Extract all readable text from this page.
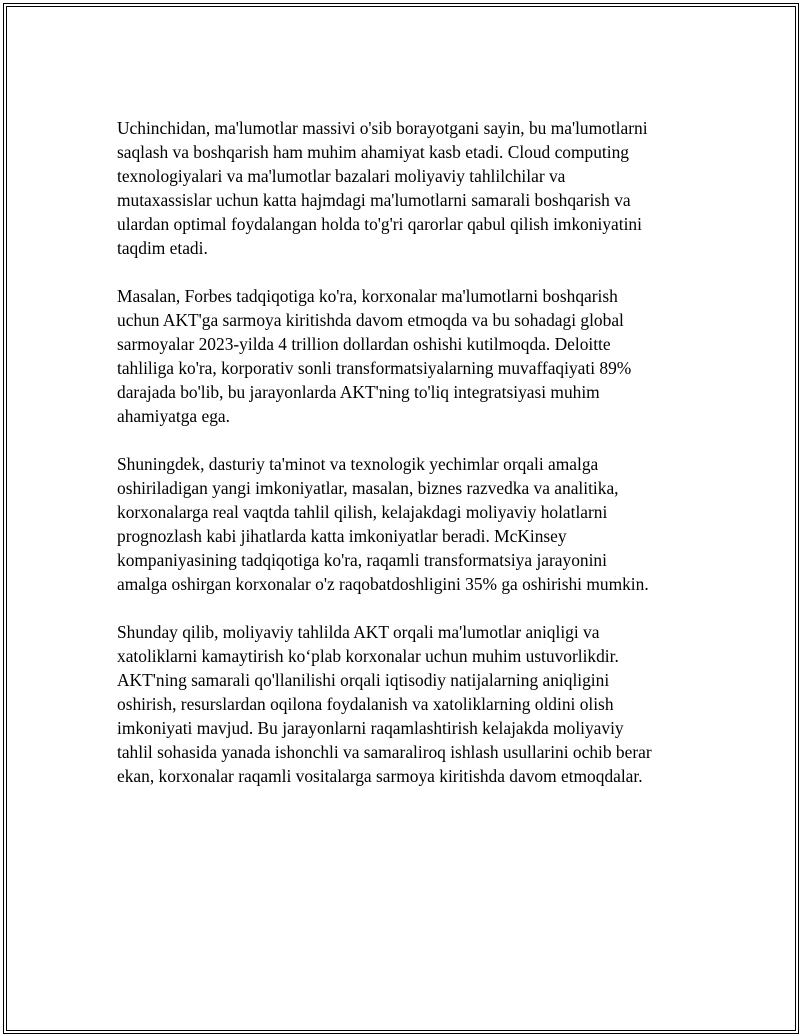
Uchinchidan, ma'lumotlar massivi o'sib borayotgani sayin, bu ma'lumotlarni
saqlash va boshqarish ham muhim ahamiyat kasb etadi. Cloud computing
texnologiyalari va ma'lumotlar bazalari moliyaviy tahlilchilar va
mutaxassislar uchun katta hajmdagi ma'lumotlarni samarali boshqarish va
ulardan optimal foydalangan holda to'g'ri qarorlar qabul qilish imkoniyatini
taqdim etadi.

Masalan, Forbes tadqiqotiga ko'ra, korxonalar ma'lumotlarni boshqarish
uchun AKT'ga sarmoya kiritishda davom etmoqda va bu sohadagi global
sarmoyalar 2023-yilda 4 trillion dollardan oshishi kutilmoqda. Deloitte
tahliliga ko'ra, korporativ sonli transformatsiyalarning muvaffaqiyati 89%
darajada bo'lib, bu jarayonlarda AKT'ning to'liq integratsiyasi muhim
ahamiyatga ega.

Shuningdek, dasturiy ta'minot va texnologik yechimlar orqali amalga
oshiriladigan yangi imkoniyatlar, masalan, biznes razvedka va analitika,
korxonalarga real vaqtda tahlil qilish, kelajakdagi moliyaviy holatlarni
prognozlash kabi jihatlarda katta imkoniyatlar beradi. McKinsey
kompaniyasining tadqiqotiga ko'ra, raqamli transformatsiya jarayonini
amalga oshirgan korxonalar o'z raqobatdoshligini 35% ga oshirishi mumkin.

Shunday qilib, moliyaviy tahlilda AKT orqali ma'lumotlar aniqligi va
xatoliklarni kamaytirish ko‘plab korxonalar uchun muhim ustuvorlikdir.
AKT'ning samarali qo'llanilishi orqali iqtisodiy natijalarning aniqligini
oshirish, resurslardan oqilona foydalanish va xatoliklarning oldini olish
imkoniyati mavjud. Bu jarayonlarni raqamlashtirish kelajakda moliyaviy
tahlil sohasida yanada ishonchli va samaraliroq ishlash usullarini ochib berar
ekan, korxonalar raqamli vositalarga sarmoya kiritishda davom etmoqdalar.
